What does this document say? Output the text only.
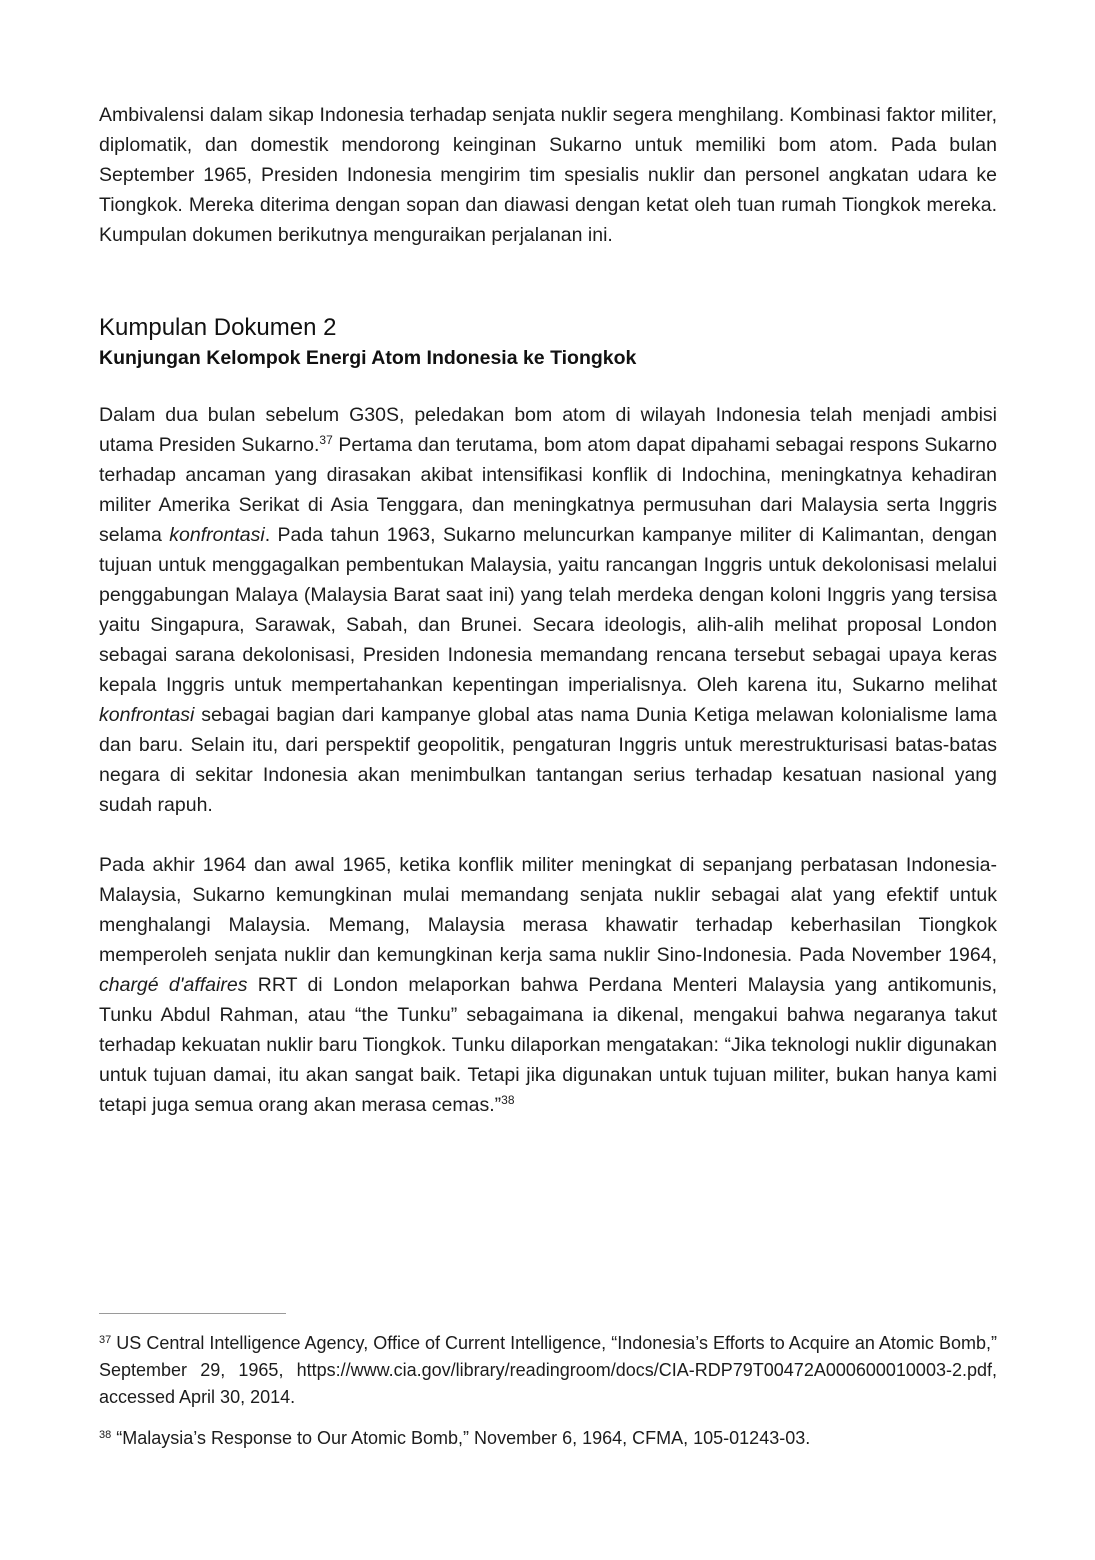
Ambivalensi dalam sikap Indonesia terhadap senjata nuklir segera menghilang. Kombinasi faktor militer, diplomatik, dan domestik mendorong keinginan Sukarno untuk memiliki bom atom. Pada bulan September 1965, Presiden Indonesia mengirim tim spesialis nuklir dan personel angkatan udara ke Tiongkok. Mereka diterima dengan sopan dan diawasi dengan ketat oleh tuan rumah Tiongkok mereka. Kumpulan dokumen berikutnya menguraikan perjalanan ini.

Kumpulan Dokumen 2
Kunjungan Kelompok Energi Atom Indonesia ke Tiongkok

Dalam dua bulan sebelum G30S, peledakan bom atom di wilayah Indonesia telah menjadi ambisi utama Presiden Sukarno.$^{37}$ Pertama dan terutama, bom atom dapat dipahami sebagai respons Sukarno terhadap ancaman yang dirasakan akibat intensifikasi konflik di Indochina, meningkatnya kehadiran militer Amerika Serikat di Asia Tenggara, dan meningkatnya permusuhan dari Malaysia serta Inggris selama konfrontasi. Pada tahun 1963, Sukarno meluncurkan kampanye militer di Kalimantan, dengan tujuan untuk menggagalkan pembentukan Malaysia, yaitu rancangan Inggris untuk dekolonisasi melalui penggabungan Malaya (Malaysia Barat saat ini) yang telah merdeka dengan koloni Inggris yang tersisa yaitu Singapura, Sarawak, Sabah, dan Brunei. Secara ideologis, alih-alih melihat proposal London sebagai sarana dekolonisasi, Presiden Indonesia memandang rencana tersebut sebagai upaya keras kepala Inggris untuk mempertahankan kepentingan imperialisnya. Oleh karena itu, Sukarno melihat konfrontasi sebagai bagian dari kampanye global atas nama Dunia Ketiga melawan kolonialisme lama dan baru. Selain itu, dari perspektif geopolitik, pengaturan Inggris untuk merestrukturisasi batas-batas negara di sekitar Indonesia akan menimbulkan tantangan serius terhadap kesatuan nasional yang sudah rapuh.

Pada akhir 1964 dan awal 1965, ketika konflik militer meningkat di sepanjang perbatasan Indonesia-Malaysia, Sukarno kemungkinan mulai memandang senjata nuklir sebagai alat yang efektif untuk menghalangi Malaysia. Memang, Malaysia merasa khawatir terhadap keberhasilan Tiongkok memperoleh senjata nuklir dan kemungkinan kerja sama nuklir Sino-Indonesia. Pada November 1964, chargé d'affaires RRT di London melaporkan bahwa Perdana Menteri Malaysia yang antikomunis, Tunku Abdul Rahman, atau “the Tunku” sebagaimana ia dikenal, mengakui bahwa negaranya takut terhadap kekuatan nuklir baru Tiongkok. Tunku dilaporkan mengatakan: “Jika teknologi nuklir digunakan untuk tujuan damai, itu akan sangat baik. Tetapi jika digunakan untuk tujuan militer, bukan hanya kami tetapi juga semua orang akan merasa cemas.”$^{38}$

$^{37}$ US Central Intelligence Agency, Office of Current Intelligence, “Indonesia’s Efforts to Acquire an Atomic Bomb,” September 29, 1965, https://www.cia.gov/library/readingroom/docs/CIA-RDP79T00472A000600010003-2.pdf, accessed April 30, 2014.

$^{38}$ “Malaysia’s Response to Our Atomic Bomb,” November 6, 1964, CFMA, 105-01243-03.
